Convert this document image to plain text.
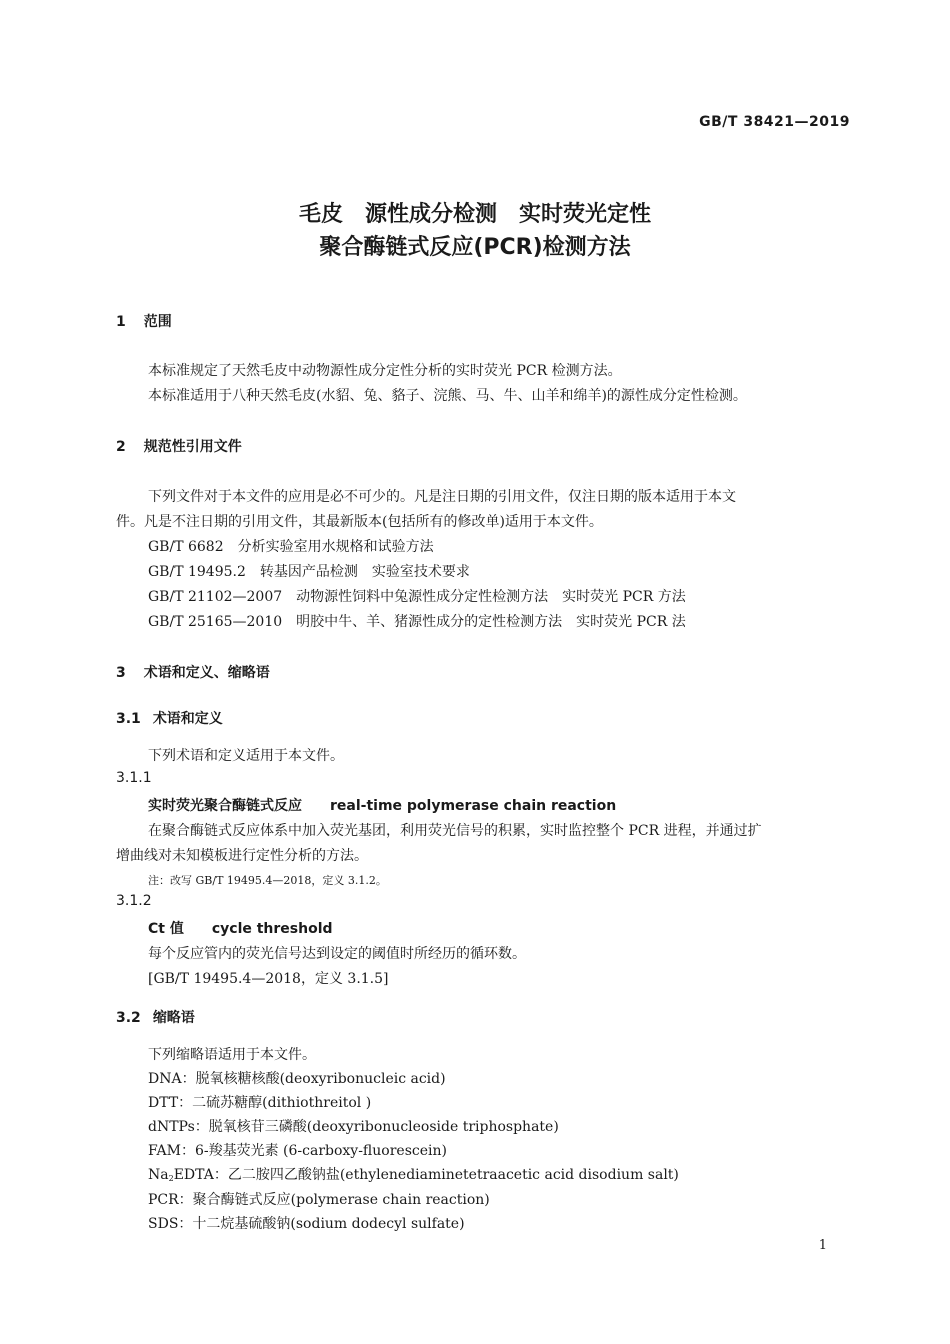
GB/T 38421—2019
毛皮　源性成分检测　实时荧光定性
聚合酶链式反应(PCR)检测方法
1 范围
本标准规定了天然毛皮中动物源性成分定性分析的实时荧光 PCR 检测方法。
本标准适用于八种天然毛皮(水貂、兔、貉子、浣熊、马、牛、山羊和绵羊)的源性成分定性检测。
2 规范性引用文件
下列文件对于本文件的应用是必不可少的。凡是注日期的引用文件，仅注日期的版本适用于本文
件。凡是不注日期的引用文件，其最新版本(包括所有的修改单)适用于本文件。
GB/T 6682　分析实验室用水规格和试验方法
GB/T 19495.2　转基因产品检测　实验室技术要求
GB/T 21102—2007　动物源性饲料中兔源性成分定性检测方法　实时荧光 PCR 方法
GB/T 25165—2010　明胶中牛、羊、猪源性成分的定性检测方法　实时荧光 PCR 法
3 术语和定义、缩略语
3.1 术语和定义
下列术语和定义适用于本文件。
3.1.1
实时荧光聚合酶链式反应　　real-time polymerase chain reaction
在聚合酶链式反应体系中加入荧光基团，利用荧光信号的积累，实时监控整个 PCR 进程，并通过扩
增曲线对未知模板进行定性分析的方法。
注：改写 GB/T 19495.4—2018，定义 3.1.2。
3.1.2
Ct 值　　cycle threshold
每个反应管内的荧光信号达到设定的阈值时所经历的循环数。
[GB/T 19495.4—2018，定义 3.1.5]
3.2 缩略语
下列缩略语适用于本文件。
DNA：脱氧核糖核酸(deoxyribonucleic acid)
DTT：二硫苏糖醇(dithiothreitol )
dNTPs：脱氧核苷三磷酸(deoxyribonucleoside triphosphate)
FAM：6-羧基荧光素 (6-carboxy-fluorescein)
$Na_2EDTA$：乙二胺四乙酸钠盐(ethylenediaminetetraacetic acid disodium salt)
PCR：聚合酶链式反应(polymerase chain reaction)
SDS：十二烷基硫酸钠(sodium dodecyl sulfate)
1
